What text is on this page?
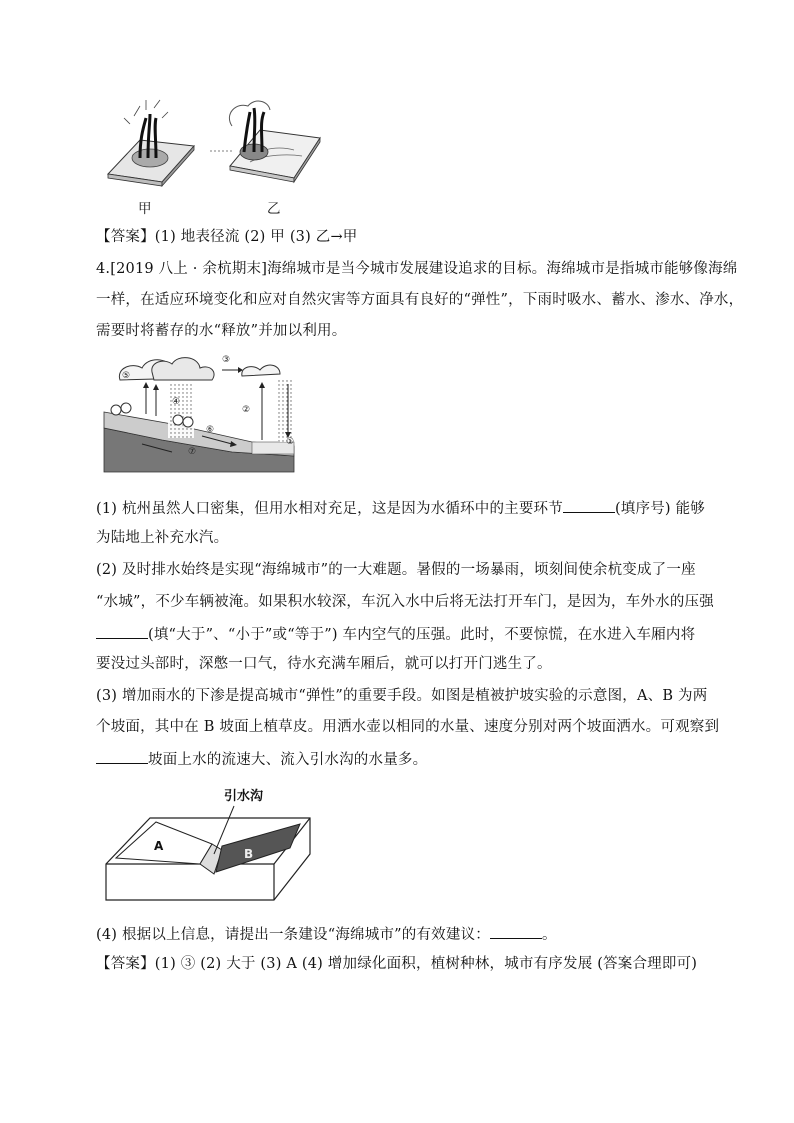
甲	乙
【答案】(1) 地表径流 (2) 甲 (3) 乙→甲
4.[2019 八上 · 余杭期末]海绵城市是当今城市发展建设追求的目标。海绵城市是指城市能够像海绵
一样，在适应环境变化和应对自然灾害等方面具有良好的“弹性”，下雨时吸水、蓄水、渗水、净水，
需要时将蓄存的水“释放”并加以利用。
③
⑤
④
②
①
⑥
⑦
(1) 杭州虽然人口密集，但用水相对充足，这是因为水循环中的主要环节	(填序号) 能够
为陆地上补充水汽。
(2) 及时排水始终是实现“海绵城市”的一大难题。暑假的一场暴雨，顷刻间使余杭变成了一座
“水城”，不少车辆被淹。如果积水较深，车沉入水中后将无法打开车门，是因为，车外水的压强
(填“大于”、“小于”或“等于”) 车内空气的压强。此时，不要惊慌，在水进入车厢内将
要没过头部时，深憋一口气，待水充满车厢后，就可以打开门逃生了。
(3) 增加雨水的下渗是提高城市“弹性”的重要手段。如图是植被护坡实验的示意图，A、B 为两
个坡面，其中在 B 坡面上植草皮。用洒水壶以相同的水量、速度分别对两个坡面洒水。可观察到
坡面上水的流速大、流入引水沟的水量多。
引水沟
A
B
(4) 根据以上信息，请提出一条建设“海绵城市”的有效建议：	。
【答案】(1) ③ (2) 大于 (3) A (4) 增加绿化面积，植树种林，城市有序发展 (答案合理即可)
